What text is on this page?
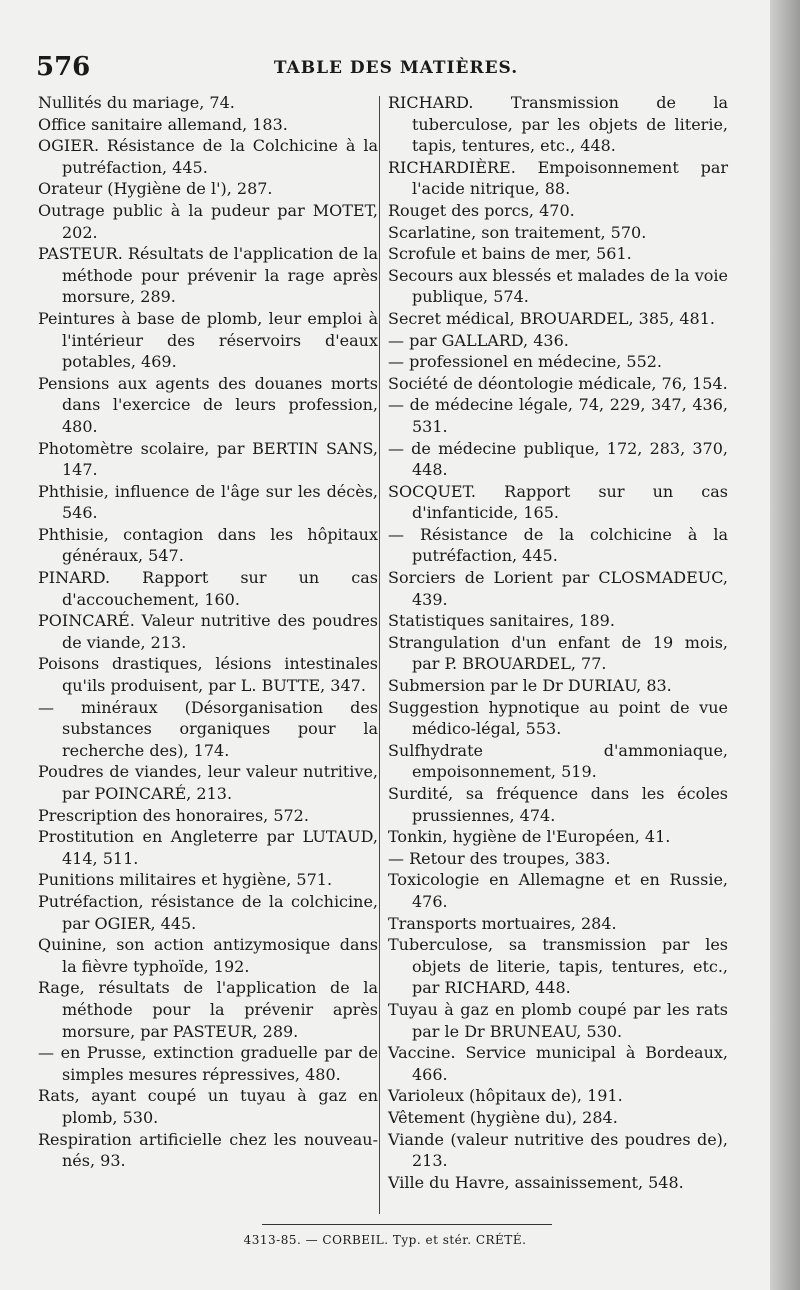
576	TABLE DES MATIÈRES.

Nullités du mariage, 74.

Office sanitaire allemand, 183.

OGIER. Résistance de la Colchicine à la putréfaction, 445.

Orateur (Hygiène de l'), 287.

Outrage public à la pudeur par MOTET, 202.

PASTEUR. Résultats de l'application de la méthode pour prévenir la rage après morsure, 289.

Peintures à base de plomb, leur emploi à l'intérieur des réservoirs d'eaux potables, 469.

Pensions aux agents des douanes morts dans l'exercice de leurs profession, 480.

Photomètre scolaire, par BERTIN SANS, 147.

Phthisie, influence de l'âge sur les décès, 546.

Phthisie, contagion dans les hôpitaux généraux, 547.

PINARD. Rapport sur un cas d'accouchement, 160.

POINCARÉ. Valeur nutritive des poudres de viande, 213.

Poisons drastiques, lésions intestinales qu'ils produisent, par L. BUTTE, 347.

— minéraux (Désorganisation des substances organiques pour la recherche des), 174.

Poudres de viandes, leur valeur nutritive, par POINCARÉ, 213.

Prescription des honoraires, 572.

Prostitution en Angleterre par LUTAUD, 414, 511.

Punitions militaires et hygiène, 571.

Putréfaction, résistance de la colchicine, par OGIER, 445.

Quinine, son action antizymosique dans la fièvre typhoïde, 192.

Rage, résultats de l'application de la méthode pour la prévenir après morsure, par PASTEUR, 289.

— en Prusse, extinction graduelle par de simples mesures répressives, 480.

Rats, ayant coupé un tuyau à gaz en plomb, 530.

Respiration artificielle chez les nouveau-nés, 93.

RICHARD. Transmission de la tuberculose, par les objets de literie, tapis, tentures, etc., 448.

RICHARDIÈRE. Empoisonnement par l'acide nitrique, 88.

Rouget des porcs, 470.

Scarlatine, son traitement, 570.

Scrofule et bains de mer, 561.

Secours aux blessés et malades de la voie publique, 574.

Secret médical, BROUARDEL, 385, 481.

— par GALLARD, 436.

— professionel en médecine, 552.

Société de déontologie médicale, 76, 154.

— de médecine légale, 74, 229, 347, 436, 531.

— de médecine publique, 172, 283, 370, 448.

SOCQUET. Rapport sur un cas d'infanticide, 165.

— Résistance de la colchicine à la putréfaction, 445.

Sorciers de Lorient par CLOSMADEUC, 439.

Statistiques sanitaires, 189.

Strangulation d'un enfant de 19 mois, par P. BROUARDEL, 77.

Submersion par le Dr DURIAU, 83.

Suggestion hypnotique au point de vue médico-légal, 553.

Sulfhydrate d'ammoniaque, empoisonnement, 519.

Surdité, sa fréquence dans les écoles prussiennes, 474.

Tonkin, hygiène de l'Européen, 41.

— Retour des troupes, 383.

Toxicologie en Allemagne et en Russie, 476.

Transports mortuaires, 284.

Tuberculose, sa transmission par les objets de literie, tapis, tentures, etc., par RICHARD, 448.

Tuyau à gaz en plomb coupé par les rats par le Dr BRUNEAU, 530.

Vaccine. Service municipal à Bordeaux, 466.

Varioleux (hôpitaux de), 191.

Vêtement (hygiène du), 284.

Viande (valeur nutritive des poudres de), 213.

Ville du Havre, assainissement, 548.

4313-85. — CORBEIL. Typ. et stér. CRÉTÉ.
